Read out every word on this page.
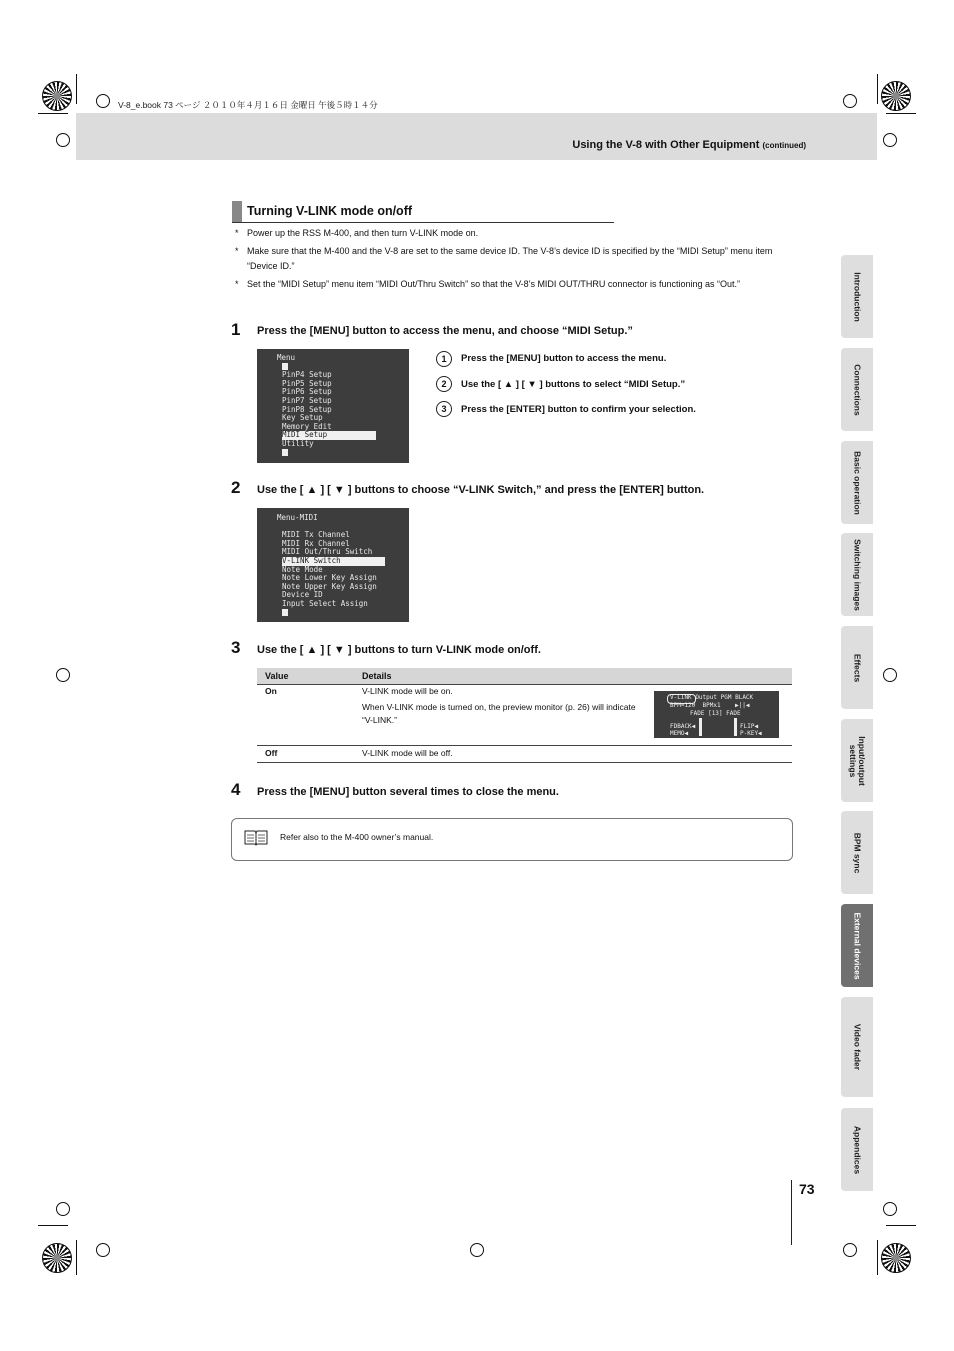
V-8_e.book 73 ページ ２０１０年４月１６日 金曜日 午後５時１４分
Using the V-8 with Other Equipment (continued)
Turning V-LINK mode on/off
* Power up the RSS M-400, and then turn V-LINK mode on.
* Make sure that the M-400 and the V-8 are set to the same device ID. The V-8’s device ID is specified by the “MIDI Setup” menu item “Device ID.”
* Set the “MIDI Setup” menu item “MIDI Out/Thru Switch” so that the V-8’s MIDI OUT/THRU connector is functioning as “Out.”
1 Press the [MENU] button to access the menu, and choose “MIDI Setup.”
Menu
PinP4 Setup
PinP5 Setup
PinP6 Setup
PinP7 Setup
PinP8 Setup
Key Setup
Memory Edit
MIDI Setup
Utility
1	Press the [MENU] button to access the menu.
2	Use the [ ▲ ] [ ▼ ] buttons to select “MIDI Setup.”
3	Press the [ENTER] button to confirm your selection.
2 Use the [ ▲ ] [ ▼ ] buttons to choose “V-LINK Switch,” and press the [ENTER] button.
Menu-MIDI
MIDI Tx Channel
MIDI Rx Channel
MIDI Out/Thru Switch
V-LINK Switch
Note Mode
Note Lower Key Assign
Note Upper Key Assign
Device ID
Input Select Assign
3 Use the [ ▲ ] [ ▼ ] buttons to turn V-LINK mode on/off.
Value	Details
On	V-LINK mode will be on.
When V-LINK mode is turned on, the preview monitor (p. 26) will indicate “V-LINK.”
V-LINK Output PGM BLACK
BPM=120 BPMx1 ▶||◀
FADE [13] FADE
FDBACK◀	FLIP◀
MEMO◀	P-KEY◀
Off	V-LINK mode will be off.
4 Press the [MENU] button several times to close the menu.
Refer also to the M-400 owner’s manual.
Introduction
Connections
Basic operation
Switching images
Effects
Input/output settings
BPM sync
External devices
Video fader
Appendices
73
